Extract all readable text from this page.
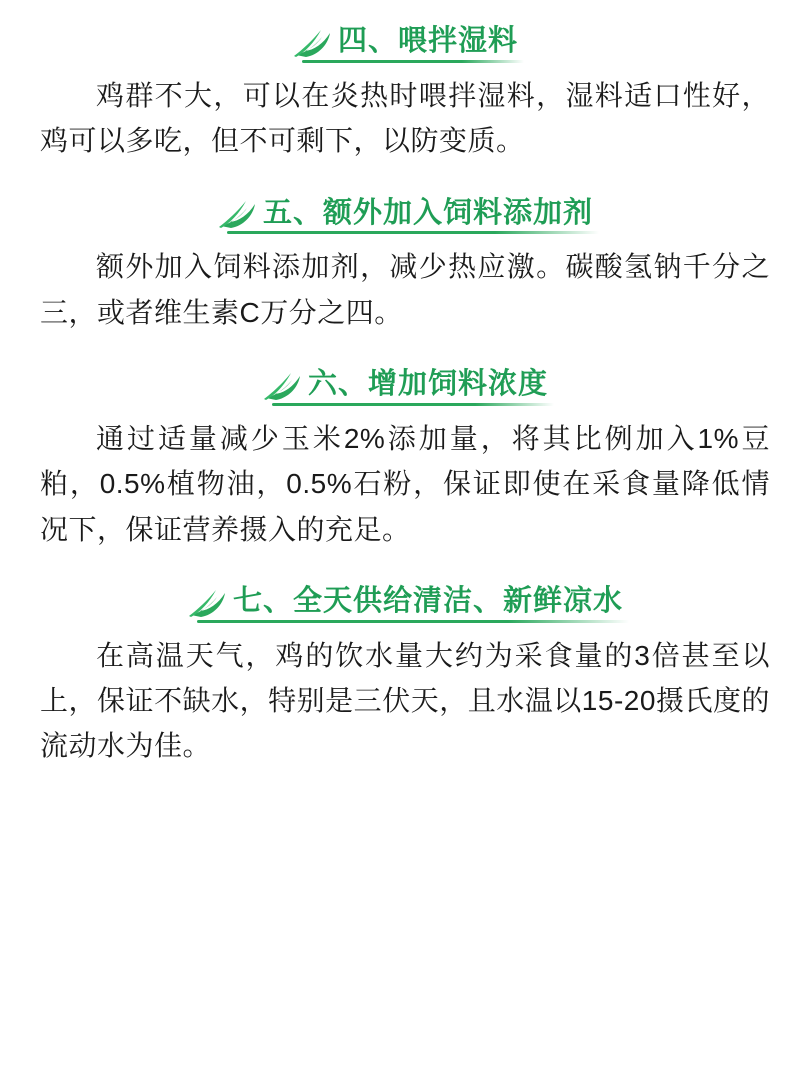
四、喂拌湿料

鸡群不大，可以在炎热时喂拌湿料，湿料适口性好，鸡可以多吃，但不可剩下，以防变质。

五、额外加入饲料添加剂

额外加入饲料添加剂，减少热应激。碳酸氢钠千分之三，或者维生素C万分之四。

六、增加饲料浓度

通过适量减少玉米2%添加量，将其比例加入1%豆粕，0.5%植物油，0.5%石粉，保证即使在采食量降低情况下，保证营养摄入的充足。

七、全天供给清洁、新鲜凉水

在高温天气，鸡的饮水量大约为采食量的3倍甚至以上，保证不缺水，特别是三伏天，且水温以15-20摄氏度的流动水为佳。
